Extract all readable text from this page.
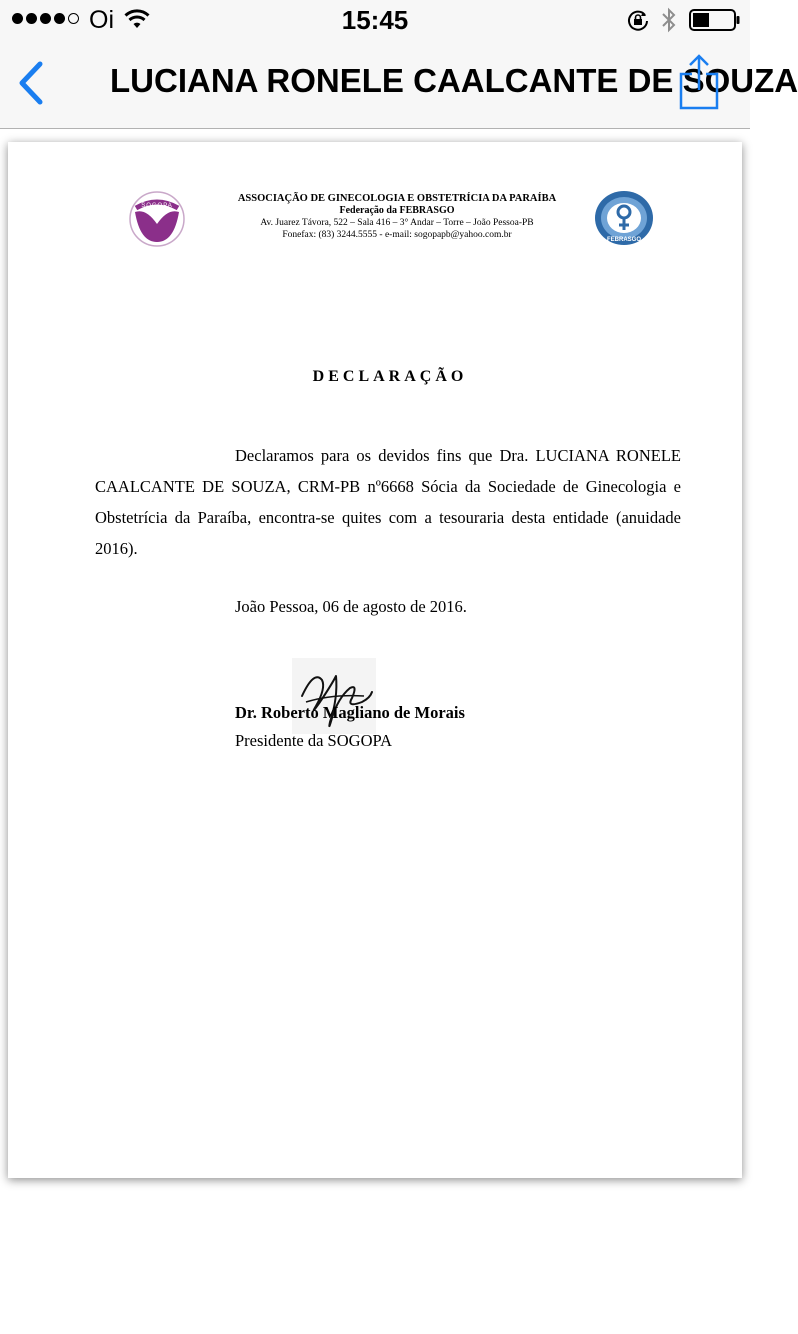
Oi	15:45
LUCIANA RONELE CAALCANTE DE SOUZA
SOGOPA
ASSOCIAÇÃO DE GINECOLOGIA E OBSTETRÍCIA DA PARAÍBA
Federação da FEBRASGO
Av. Juarez Távora, 522 – Sala 416 – 3° Andar – Torre – João Pessoa-PB
Fonefax: (83) 3244.5555 - e-mail: sogopapb@yahoo.com.br	FEBRASGO
DECLARAÇÃO
Declaramos para os devidos fins que Dra. LUCIANA RONELE CAALCANTE DE SOUZA, CRM-PB nº6668 Sócia da Sociedade de Ginecologia e Obstetrícia da Paraíba, encontra-se quites com a tesouraria desta entidade (anuidade 2016).
João Pessoa, 06 de agosto de 2016.
Dr. Roberto Magliano de Morais
Presidente da SOGOPA
